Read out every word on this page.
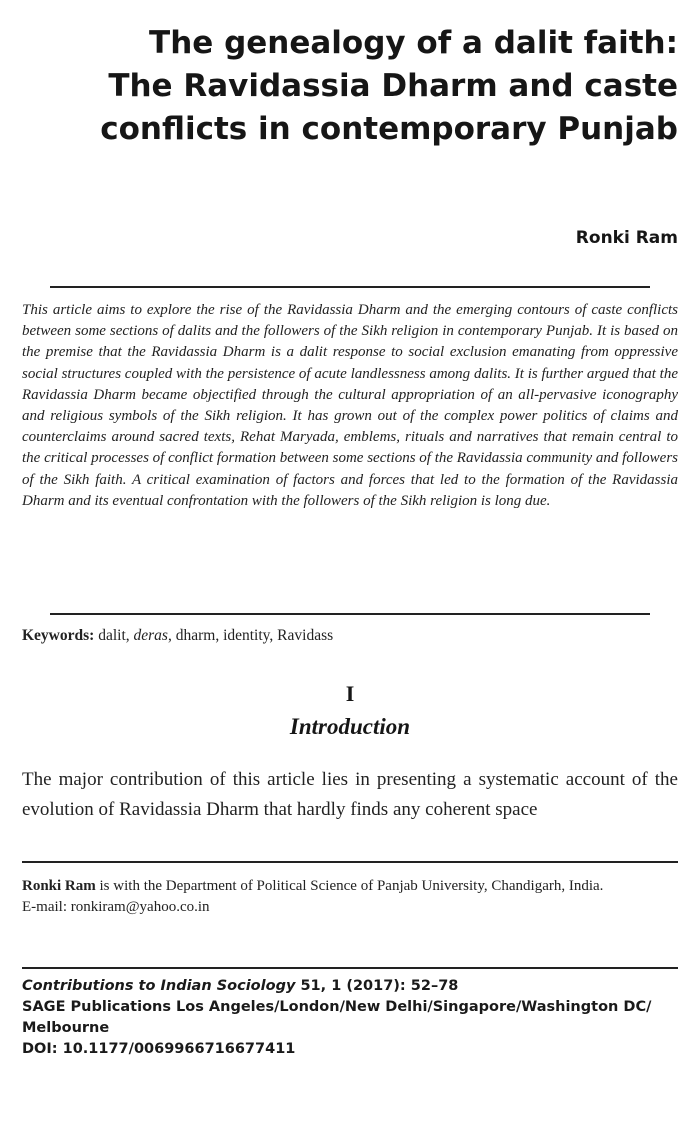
The genealogy of a dalit faith:
The Ravidassia Dharm and caste
conflicts in contemporary Punjab
Ronki Ram

This article aims to explore the rise of the Ravidassia Dharm and the emerging contours of caste conflicts between some sections of dalits and the followers of the Sikh religion in contemporary Punjab. It is based on the premise that the Ravidassia Dharm is a dalit response to social exclusion emanating from oppressive social structures coupled with the persistence of acute landlessness among dalits. It is further argued that the Ravidassia Dharm became objectified through the cultural appropriation of an all-pervasive iconography and religious symbols of the Sikh religion. It has grown out of the complex power politics of claims and counterclaims around sacred texts, Rehat Maryada, emblems, rituals and narratives that remain central to the critical processes of conflict formation between some sections of the Ravidassia community and followers of the Sikh faith. A critical examination of factors and forces that led to the formation of the Ravidassia Dharm and its eventual confrontation with the followers of the Sikh religion is long due.

Keywords: dalit, deras, dharm, identity, Ravidass
I
Introduction

The major contribution of this article lies in presenting a systematic account of the evolution of Ravidassia Dharm that hardly finds any coherent space

Ronki Ram is with the Department of Political Science of Panjab University, Chandigarh, India.
E-mail: ronkiram@yahoo.co.in

Contributions to Indian Sociology 51, 1 (2017): 52–78
SAGE Publications Los Angeles/London/New Delhi/Singapore/Washington DC/ Melbourne
DOI: 10.1177/0069966716677411
